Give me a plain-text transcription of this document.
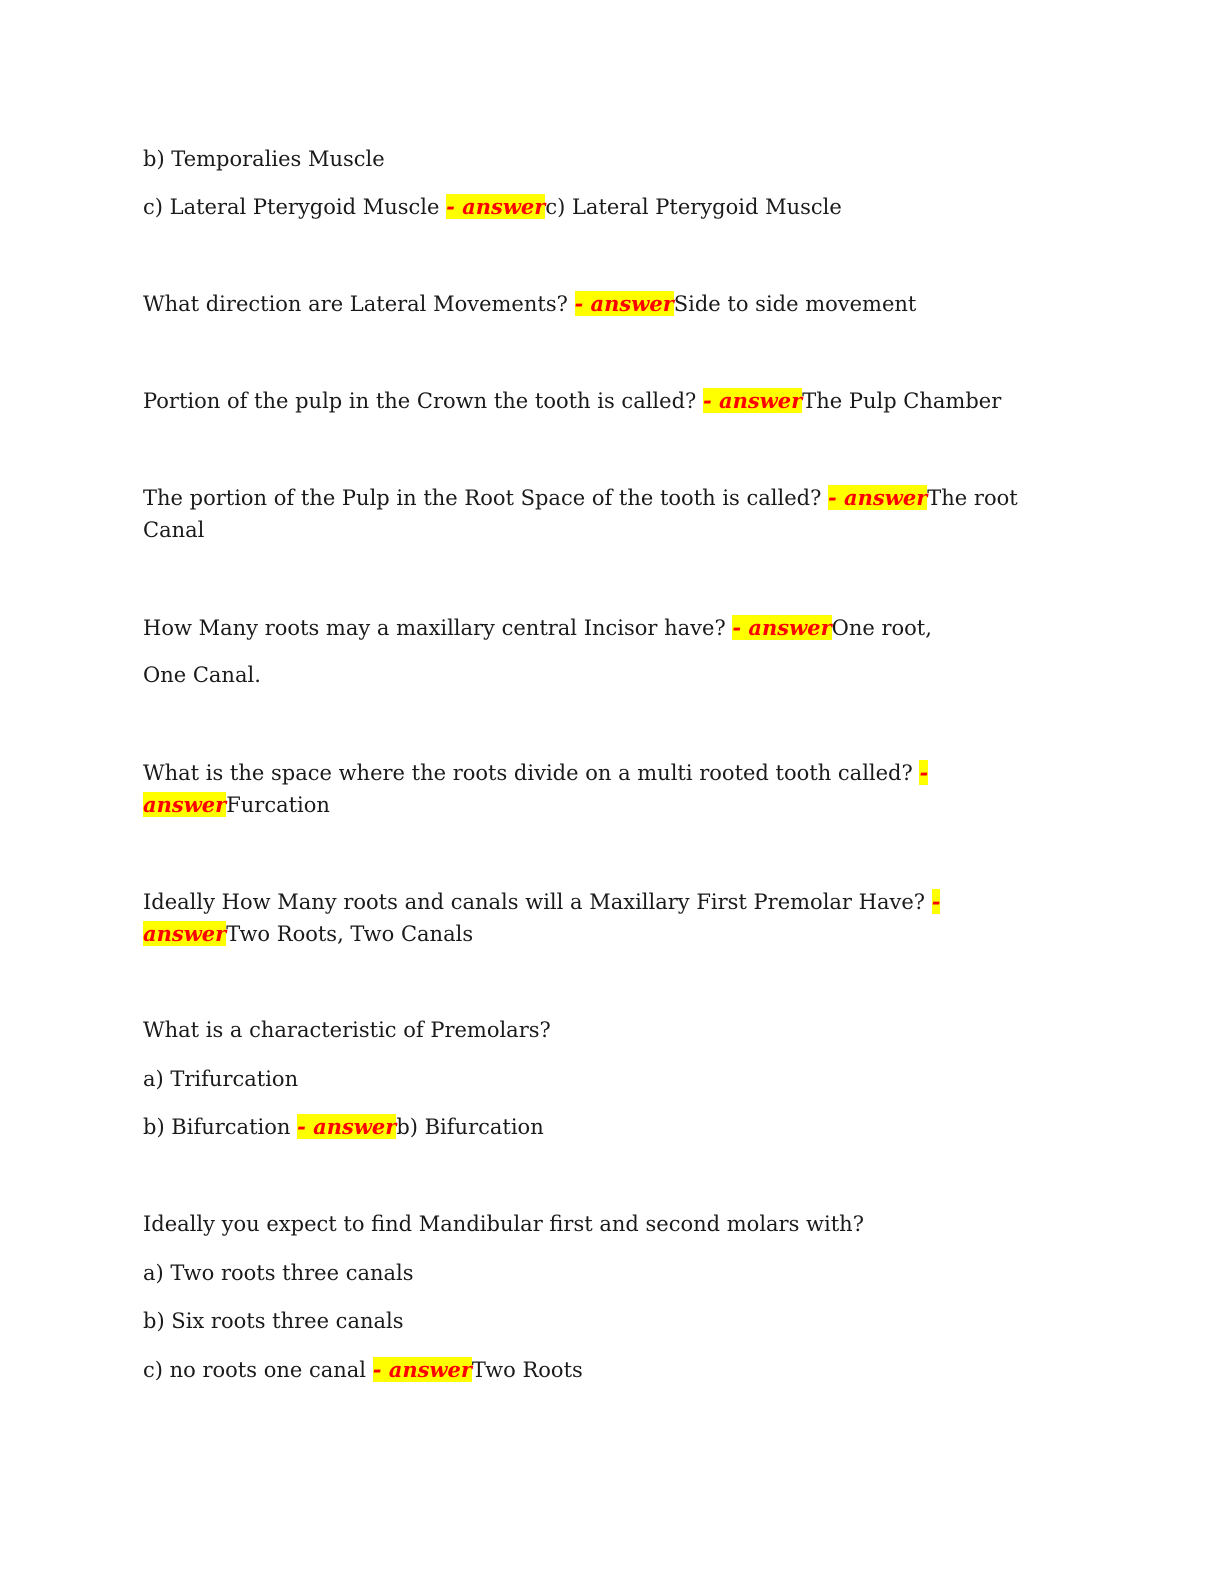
b) Temporalies Muscle
c) Lateral Pterygoid Muscle - answerc) Lateral Pterygoid Muscle
What direction are Lateral Movements? - answerSide to side movement
Portion of the pulp in the Crown the tooth is called? - answerThe Pulp Chamber
The portion of the Pulp in the Root Space of the tooth is called? - answerThe root
Canal
How Many roots may a maxillary central Incisor have? - answerOne root,
One Canal.
What is the space where the roots divide on a multi rooted tooth called? -
answerFurcation
Ideally How Many roots and canals will a Maxillary First Premolar Have? -
answerTwo Roots, Two Canals
What is a characteristic of Premolars?
a) Trifurcation
b) Bifurcation - answerb) Bifurcation
Ideally you expect to find Mandibular first and second molars with?
a) Two roots three canals
b) Six roots three canals
c) no roots one canal - answerTwo Roots
